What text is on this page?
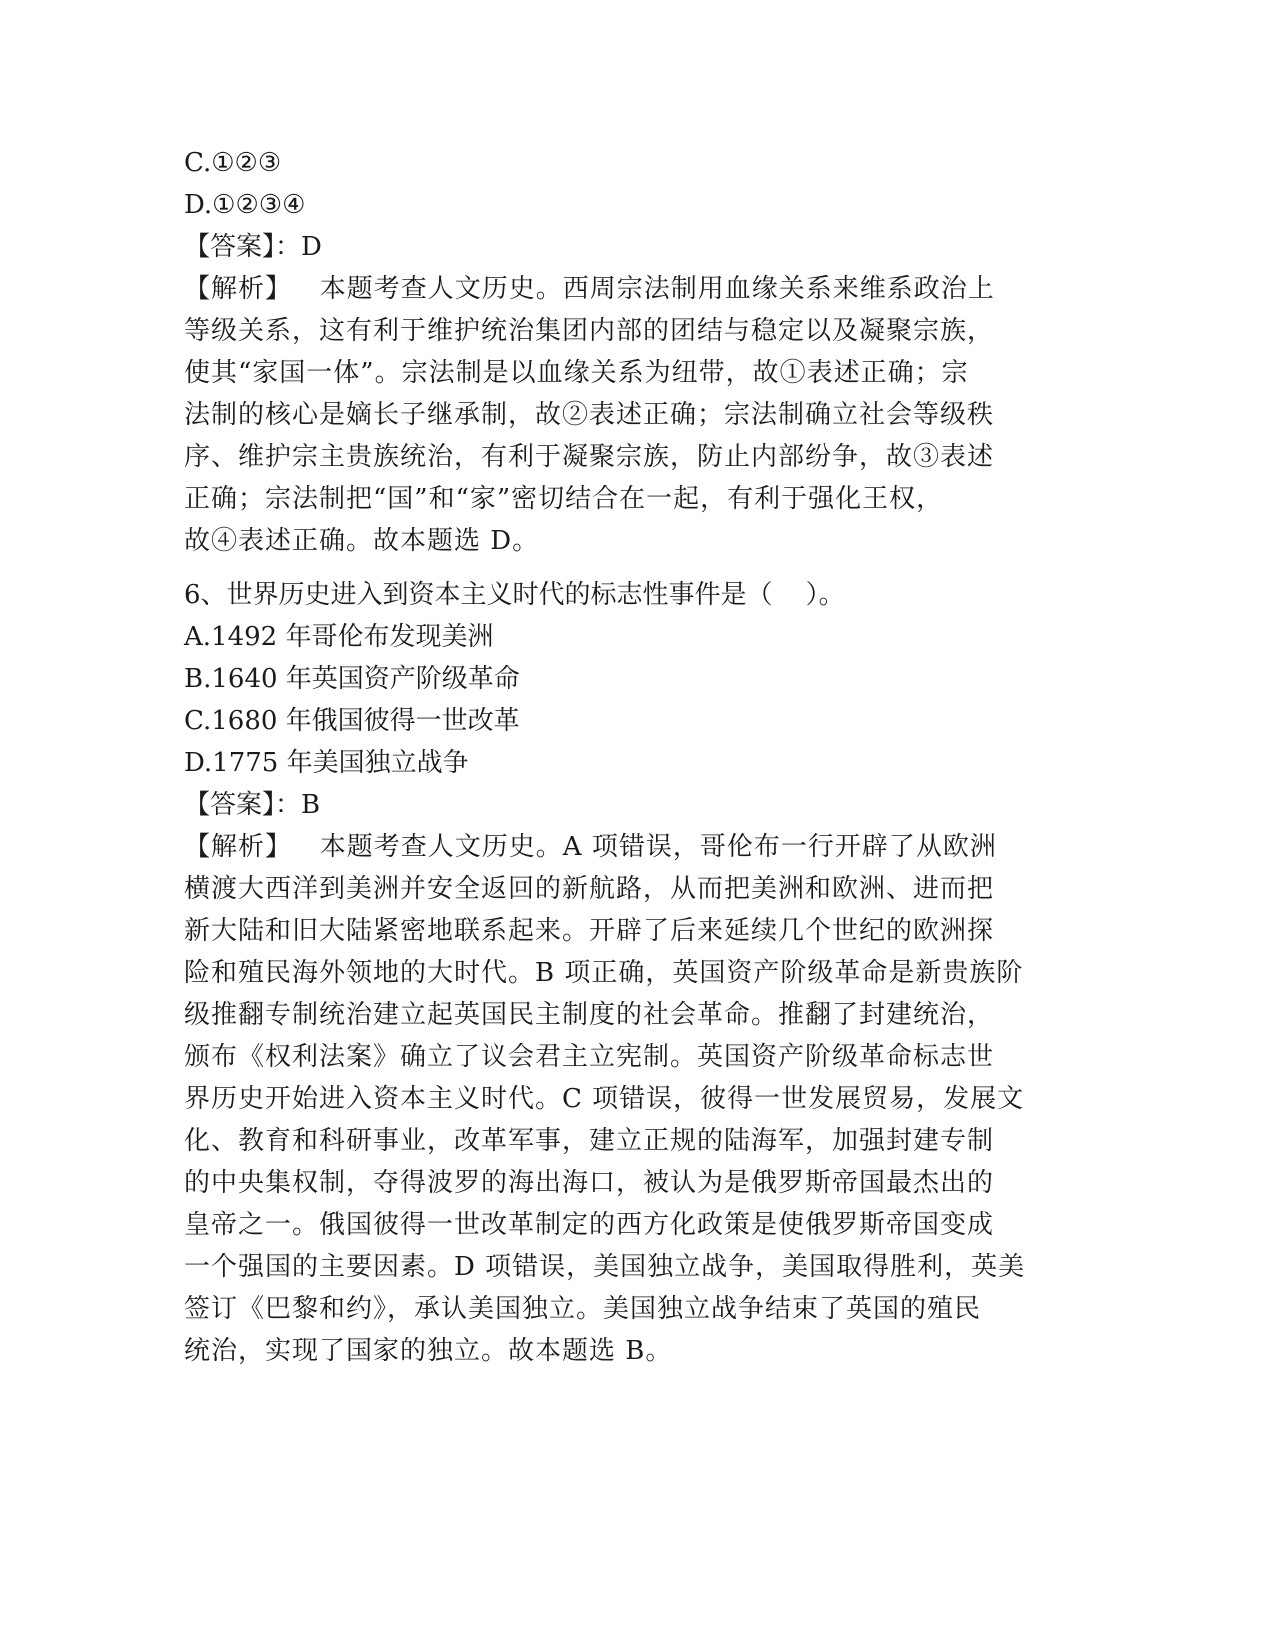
C.①②③
D.①②③④
【答案】：D
【解析】   本题考查人文历史。西周宗法制用血缘关系来维系政治上
等级关系，这有利于维护统治集团内部的团结与稳定以及凝聚宗族，
使其“家国一体”。宗法制是以血缘关系为纽带，故①表述正确；宗
法制的核心是嫡长子继承制，故②表述正确；宗法制确立社会等级秩
序、维护宗主贵族统治，有利于凝聚宗族，防止内部纷争，故③表述
正确；宗法制把“国”和“家”密切结合在一起，有利于强化王权，
故④表述正确。故本题选 D。
6、世界历史进入到资本主义时代的标志性事件是（    ）。
A.1492 年哥伦布发现美洲
B.1640 年英国资产阶级革命
C.1680 年俄国彼得一世改革
D.1775 年美国独立战争
【答案】：B
【解析】   本题考查人文历史。A 项错误，哥伦布一行开辟了从欧洲
横渡大西洋到美洲并安全返回的新航路，从而把美洲和欧洲、进而把
新大陆和旧大陆紧密地联系起来。开辟了后来延续几个世纪的欧洲探
险和殖民海外领地的大时代。B 项正确，英国资产阶级革命是新贵族阶
级推翻专制统治建立起英国民主制度的社会革命。推翻了封建统治，
颁布《权利法案》确立了议会君主立宪制。英国资产阶级革命标志世
界历史开始进入资本主义时代。C 项错误，彼得一世发展贸易，发展文
化、教育和科研事业，改革军事，建立正规的陆海军，加强封建专制
的中央集权制，夺得波罗的海出海口，被认为是俄罗斯帝国最杰出的
皇帝之一。俄国彼得一世改革制定的西方化政策是使俄罗斯帝国变成
一个强国的主要因素。D 项错误，美国独立战争，美国取得胜利，英美
签订《巴黎和约》，承认美国独立。美国独立战争结束了英国的殖民
统治，实现了国家的独立。故本题选 B。
